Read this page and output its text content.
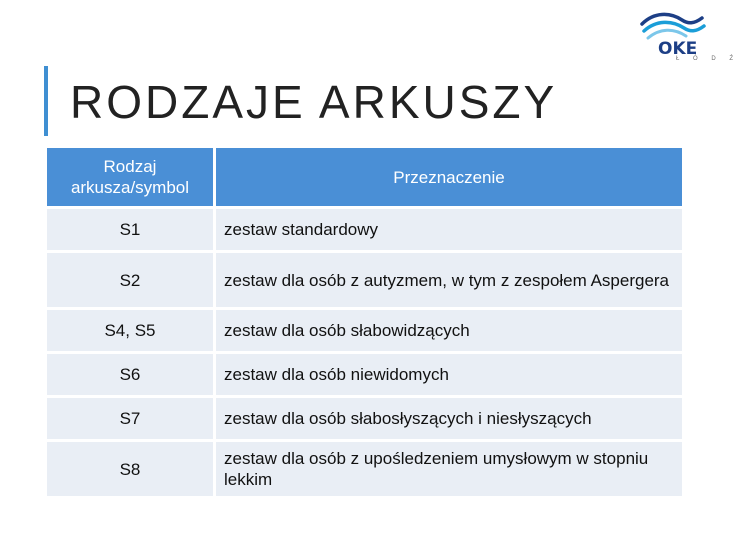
RODZAJE ARKUSZY
OKE
Ł Ó D Ź
Rodzaj arkusza/symbol	Przeznaczenie
S1	zestaw standardowy
S2	zestaw dla osób z autyzmem, w tym z zespołem Aspergera
S4, S5	zestaw dla osób słabowidzących
S6	zestaw dla osób niewidomych
S7	zestaw dla osób słabosłyszących i niesłyszących
S8	zestaw dla osób z upośledzeniem umysłowym w stopniu lekkim
